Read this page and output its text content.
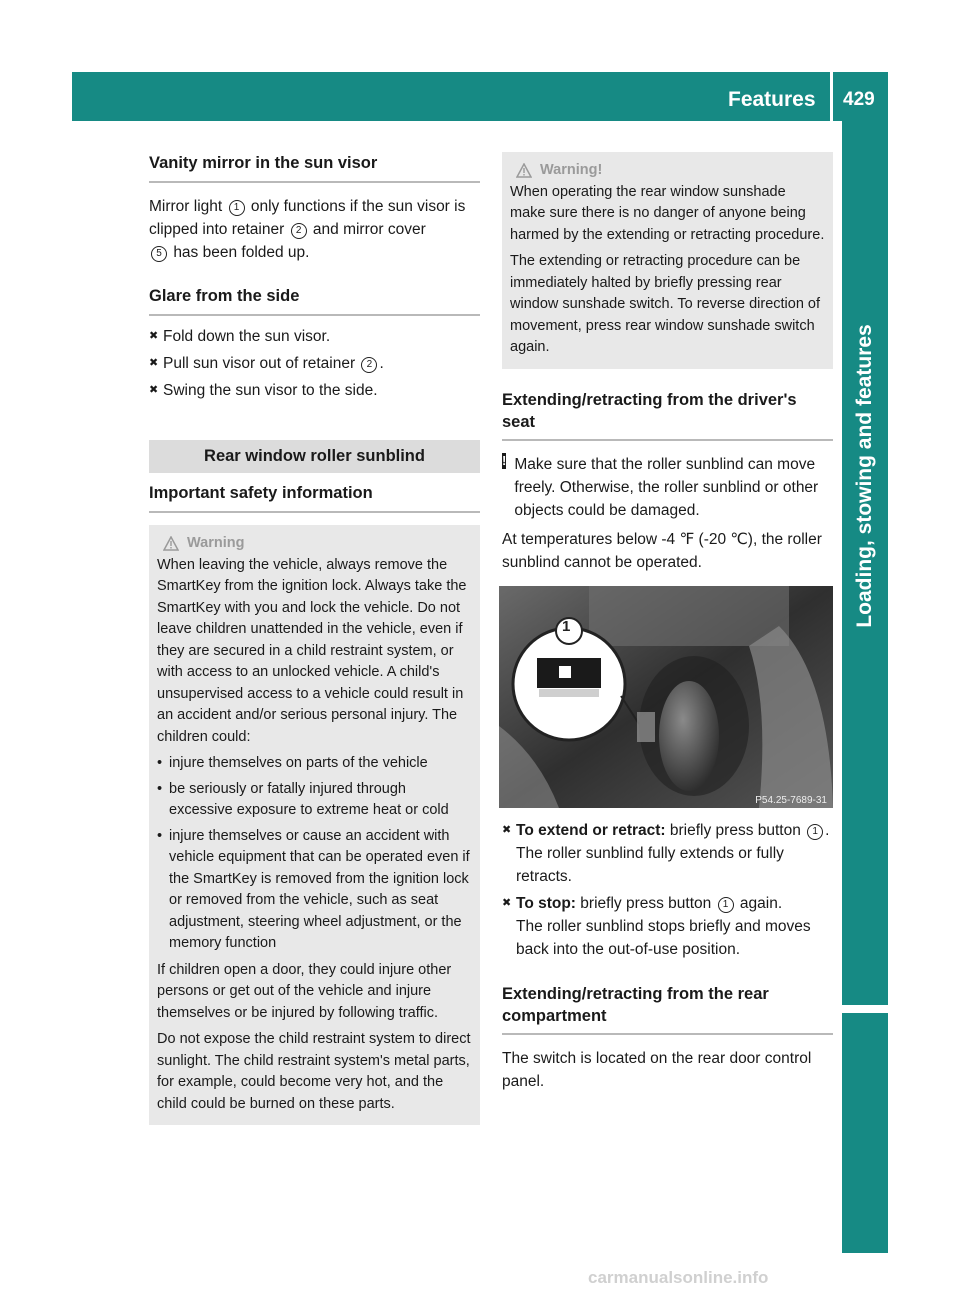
Features 429
Loading, stowing and features
Vanity mirror in the sun visor

Mirror light 1 only functions if the sun visor is clipped into retainer 2 and mirror cover
5 has been folded up.

Glare from the side
✖ Fold down the sun visor.
✖ Pull sun visor out of retainer 2 .
✖ Swing the sun visor to the side.
Rear window roller sunblind
Important safety information
Warning

When leaving the vehicle, always remove the SmartKey from the ignition lock. Always take the SmartKey with you and lock the vehicle. Do not leave children unattended in the vehicle, even if they are secured in a child restraint system, or with access to an unlocked vehicle. A child's unsupervised access to a vehicle could result in an accident and/or serious personal injury. The children could:

• injure themselves on parts of the vehicle
• be seriously or fatally injured through excessive exposure to extreme heat or cold
• injure themselves or cause an accident with vehicle equipment that can be operated even if the SmartKey is removed from the ignition lock or removed from the vehicle, such as seat adjustment, steering wheel adjustment, or the memory function

If children open a door, they could injure other persons or get out of the vehicle and injure themselves or be injured by following traffic.

Do not expose the child restraint system to direct sunlight. The child restraint system's metal parts, for example, could become very hot, and the child could be burned on these parts.

Warning!

When operating the rear window sunshade make sure there is no danger of anyone being harmed by the extending or retracting procedure.

The extending or retracting procedure can be immediately halted by briefly pressing rear window sunshade switch. To reverse direction of movement, press rear window sunshade switch again.

Extending/retracting from the driver's seat
! Make sure that the roller sunblind can move freely. Otherwise, the roller sunblind or other objects could be damaged.

At temperatures below -4 ℉ (-20 ℃), the roller sunblind cannot be operated.

1
P54.25-7689-31
✖ To extend or retract: briefly press button 1 .
The roller sunblind fully extends or fully retracts.
✖ To stop: briefly press button 1 again.
The roller sunblind stops briefly and moves back into the out-of-use position.
Extending/retracting from the rear compartment

The switch is located on the rear door control panel.

carmanualsonline.info
